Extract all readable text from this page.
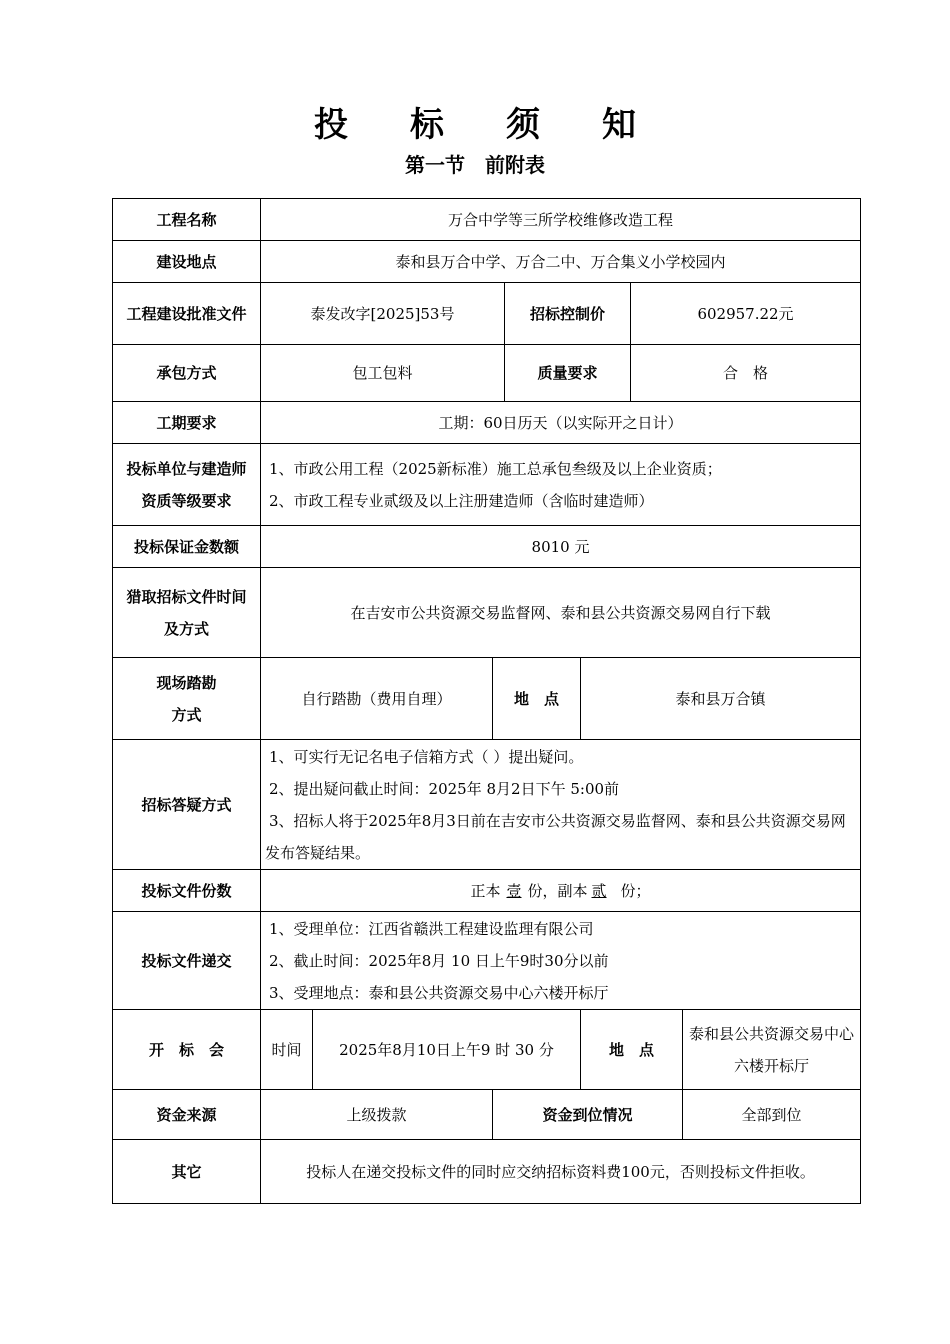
投标须知
第一节 前附表
工程名称	万合中学等三所学校维修改造工程						
建设地点	泰和县万合中学、万合二中、万合集义小学校园内						
工程建设批准文件	泰发改字[2025]53号			招标控制价		602957.22元	
承包方式	包工包料			质量要求		合　格	
工期要求	工期：60日历天（以实际开之日计）						

投标单位与建造师
资质等级要求	1、市政公用工程（2025新标准）施工总承包叁级及以上企业资质；
2、市政工程专业贰级及以上注册建造师（含临时建造师）						

投标保证金数额	8010 元						

猎取招标文件时间
及方式	在吉安市公共资源交易监督网、泰和县公共资源交易网自行下载						

现场踏勘
方式	自行踏勘（费用自理）		地　点		泰和县万合镇		
招标答疑方式	1、可实行无记名电子信箱方式（ ）提出疑问。
2、提出疑问截止时间：2025年 8月2日下午 5:00前
3、招标人将于2025年8月3日前在吉安市公共资源交易监督网、泰和县公共资源交易网发布答疑结果。						

投标文件份数	正本 壹 份，副本 贰 份；						
投标文件递交	1、受理单位：江西省赣洪工程建设监理有限公司
2、截止时间：2025年8月 10 日上午9时30分以前
3、受理地点：泰和县公共资源交易中心六楼开标厅						

开　标　会	时间	2025年8月10日上午9 时 30 分			地　点		泰和县公共资源交易中心
六楼开标厅

资金来源	上级拨款		资金到位情况				全部到位
其它	投标人在递交投标文件的同时应交纳招标资料费100元，否则投标文件拒收。						
